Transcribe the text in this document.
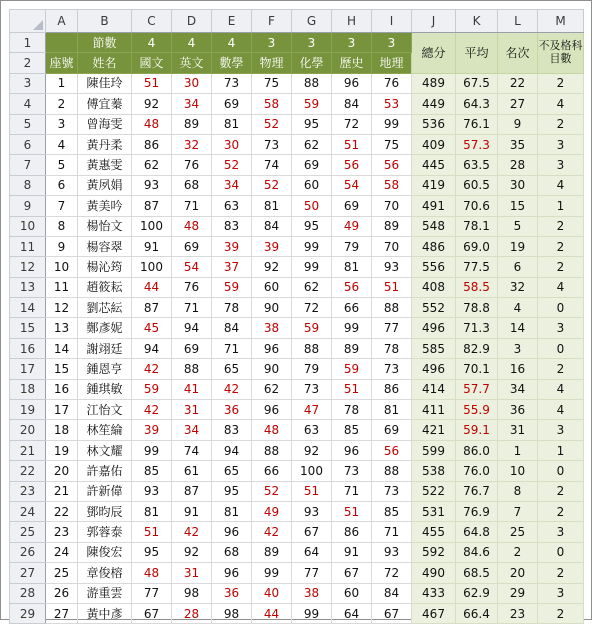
	A	B	C	D	E	F	G	H	I	J	K	L	M
1		節數	4	4	4	3	3	3	3	總分	平均	名次	不及格科目數
2	座號	姓名	國文	英文	數學	物理	化學	歷史	地理				
3	1	陳佳玲	51	30	73	75	88	96	76	489	67.5	22	2
4	2	傅宜蓁	92	34	69	58	59	84	53	449	64.3	27	4
5	3	曾海雯	48	89	81	52	95	72	99	536	76.1	9	2
6	4	黃丹柔	86	32	30	73	62	51	75	409	57.3	35	3
7	5	黃惠雯	62	76	52	74	69	56	56	445	63.5	28	3
8	6	黃夙娟	93	68	34	52	60	54	58	419	60.5	30	4
9	7	黃美吟	87	71	63	81	50	69	70	491	70.6	15	1
10	8	楊怡文	100	48	83	84	95	49	89	548	78.1	5	2
11	9	楊容翠	91	69	39	39	99	79	70	486	69.0	19	2
12	10	楊沁筠	100	54	37	92	99	81	93	556	77.5	6	2
13	11	趙筱耘	44	76	59	60	62	56	51	408	58.5	32	4
14	12	劉芯紜	87	71	78	90	72	66	88	552	78.8	4	0
15	13	鄭彥妮	45	94	84	38	59	99	77	496	71.3	14	3
16	14	謝翊廷	94	69	71	96	88	89	78	585	82.9	3	0
17	15	鍾恩亨	42	88	65	90	79	59	73	496	70.1	16	2
18	16	鍾琪敏	59	41	42	62	73	51	86	414	57.7	34	4
19	17	江怡文	42	31	36	96	47	78	81	411	55.9	36	4
20	18	林笙綸	39	34	83	48	63	85	69	421	59.1	31	3
21	19	林文耀	99	74	94	88	92	96	56	599	86.0	1	1
22	20	許嘉佑	85	61	65	66	100	73	88	538	76.0	10	0
23	21	許新偉	93	87	95	52	51	71	73	522	76.7	8	2
24	22	鄧昀辰	81	91	81	49	93	51	85	531	76.9	7	2
25	23	郭蓉泰	51	42	96	42	67	86	71	455	64.8	25	3
26	24	陳俊宏	95	92	68	89	64	91	93	592	84.6	2	0
27	25	章俊榕	48	31	96	99	77	67	72	490	68.5	20	2
28	26	游重雲	77	98	36	40	38	60	84	433	62.9	29	3
29	27	黃中彥	67	28	98	44	99	64	67	467	66.4	23	2
